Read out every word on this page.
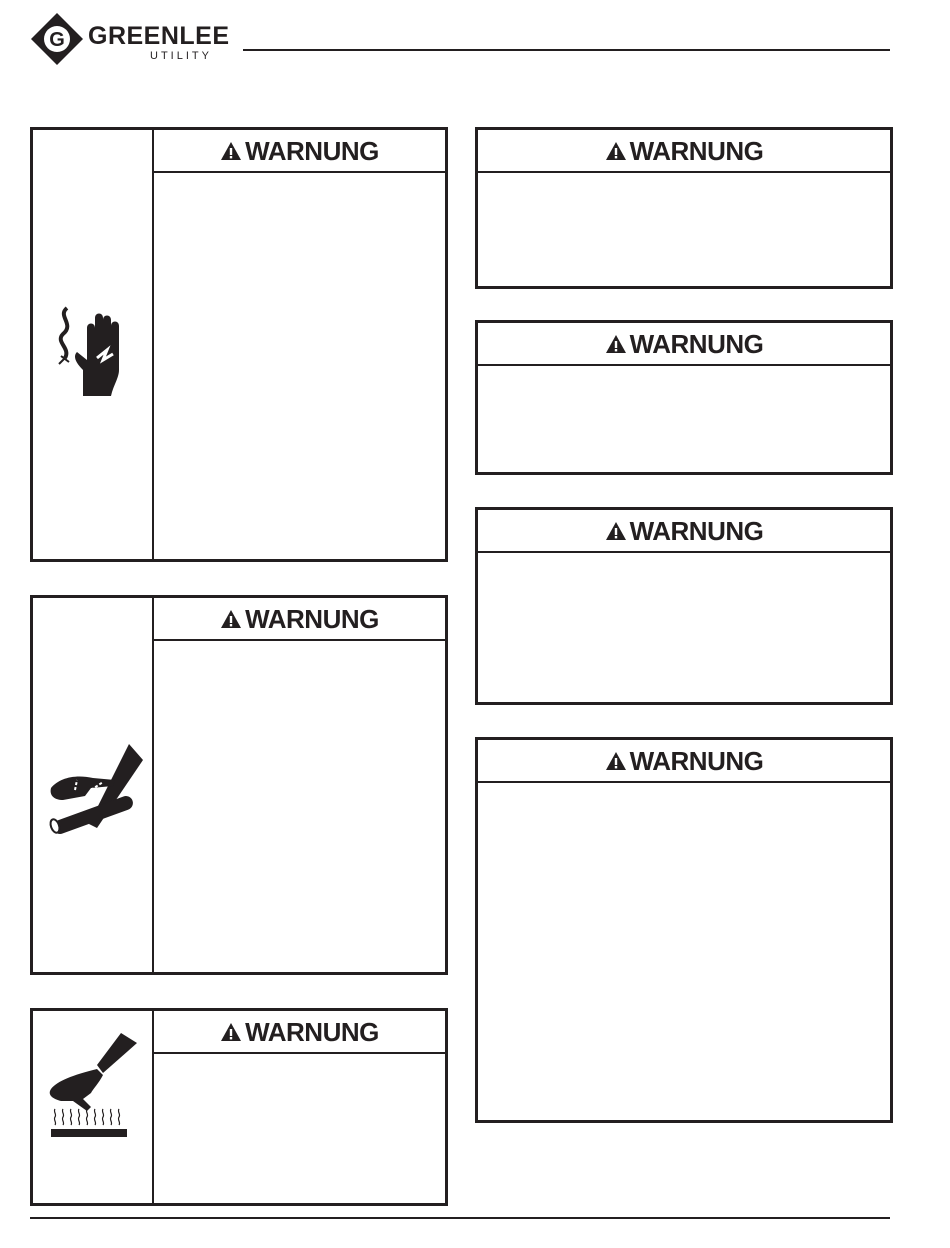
G GREENLEE
UTILITY
WARNUNG
WARNUNG
WARNUNG
WARNUNG
WARNUNG
WARNUNG
WARNUNG
